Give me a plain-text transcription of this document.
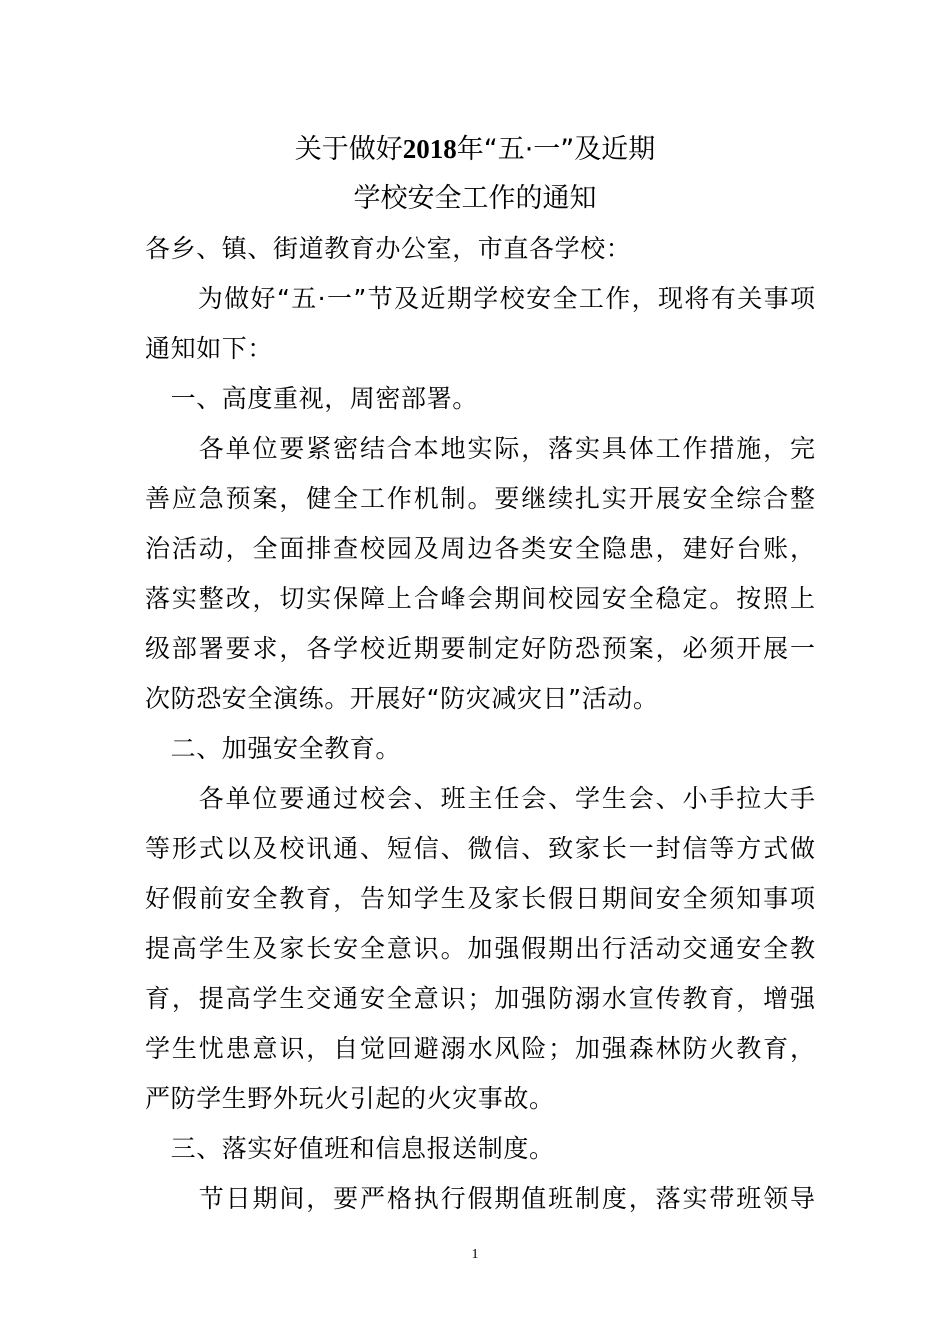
关于做好2018年“五·一”及近期
学校安全工作的通知
各乡、镇、街道教育办公室，市直各学校：
　　为做好“五·一”节及近期学校安全工作，现将有关事项
通知如下：
　一、高度重视，周密部署。
　　各单位要紧密结合本地实际，落实具体工作措施，完
善应急预案，健全工作机制。要继续扎实开展安全综合整
治活动，全面排查校园及周边各类安全隐患，建好台账，
落实整改，切实保障上合峰会期间校园安全稳定。按照上
级部署要求，各学校近期要制定好防恐预案，必须开展一
次防恐安全演练。开展好“防灾减灾日”活动。
　二、加强安全教育。
　　各单位要通过校会、班主任会、学生会、小手拉大手
等形式以及校讯通、短信、微信、致家长一封信等方式做
好假前安全教育，告知学生及家长假日期间安全须知事项
提高学生及家长安全意识。加强假期出行活动交通安全教
育，提高学生交通安全意识；加强防溺水宣传教育，增强
学生忧患意识，自觉回避溺水风险；加强森林防火教育，
严防学生野外玩火引起的火灾事故。
　三、落实好值班和信息报送制度。
　　节日期间，要严格执行假期值班制度，落实带班领导
1
